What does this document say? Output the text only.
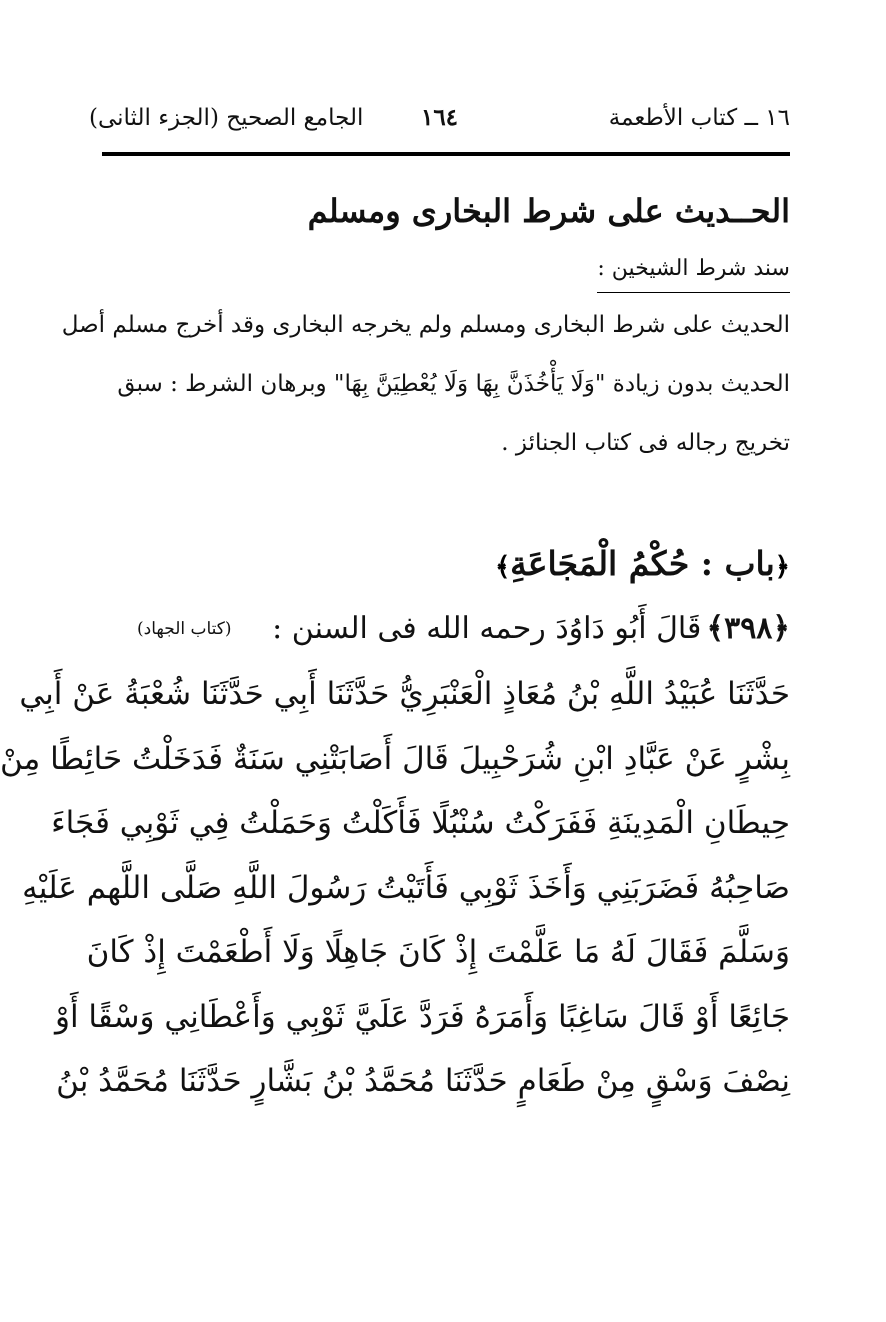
١٦ ــ كتاب الأطعمة
١٦٤
الجامع الصحيح (الجزء الثانى)
الحــديث على شرط البخارى ومسلم
سند شرط الشيخين :
الحديث على شرط البخارى ومسلم ولم يخرجه البخارى وقد أخرج مسلم أصل
الحديث بدون زيادة "وَلَا يَأْخُذَنَّ بِهَا وَلَا يُعْطِيَنَّ بِهَا" وبرهان الشرط : سبق
تخريج رجاله فى كتاب الجنائز .
﴿باب : حُكْمُ الْمَجَاعَةِ﴾
﴿٣٩٨﴾ قَالَ أَبُو دَاوُدَ رحمه الله فى السنن :
(كتاب الجهاد)
حَدَّثَنَا عُبَيْدُ اللَّهِ بْنُ مُعَاذٍ الْعَنْبَرِيُّ حَدَّثَنَا أَبِي حَدَّثَنَا شُعْبَةُ عَنْ أَبِي
بِشْرٍ عَنْ عَبَّادِ ابْنِ شُرَحْبِيلَ قَالَ أَصَابَتْنِي سَنَةٌ فَدَخَلْتُ حَائِطًا مِنْ
حِيطَانِ الْمَدِينَةِ فَفَرَكْتُ سُنْبُلًا فَأَكَلْتُ وَحَمَلْتُ فِي ثَوْبِي فَجَاءَ
صَاحِبُهُ فَضَرَبَنِي وَأَخَذَ ثَوْبِي فَأَتَيْتُ رَسُولَ اللَّهِ صَلَّى اللَّهم عَلَيْهِ
وَسَلَّمَ فَقَالَ لَهُ مَا عَلَّمْتَ إِذْ كَانَ جَاهِلًا وَلَا أَطْعَمْتَ إِذْ كَانَ
جَائِعًا أَوْ قَالَ سَاغِبًا وَأَمَرَهُ فَرَدَّ عَلَيَّ ثَوْبِي وَأَعْطَانِي وَسْقًا أَوْ
نِصْفَ وَسْقٍ مِنْ طَعَامٍ حَدَّثَنَا مُحَمَّدُ بْنُ بَشَّارٍ حَدَّثَنَا مُحَمَّدُ بْنُ
